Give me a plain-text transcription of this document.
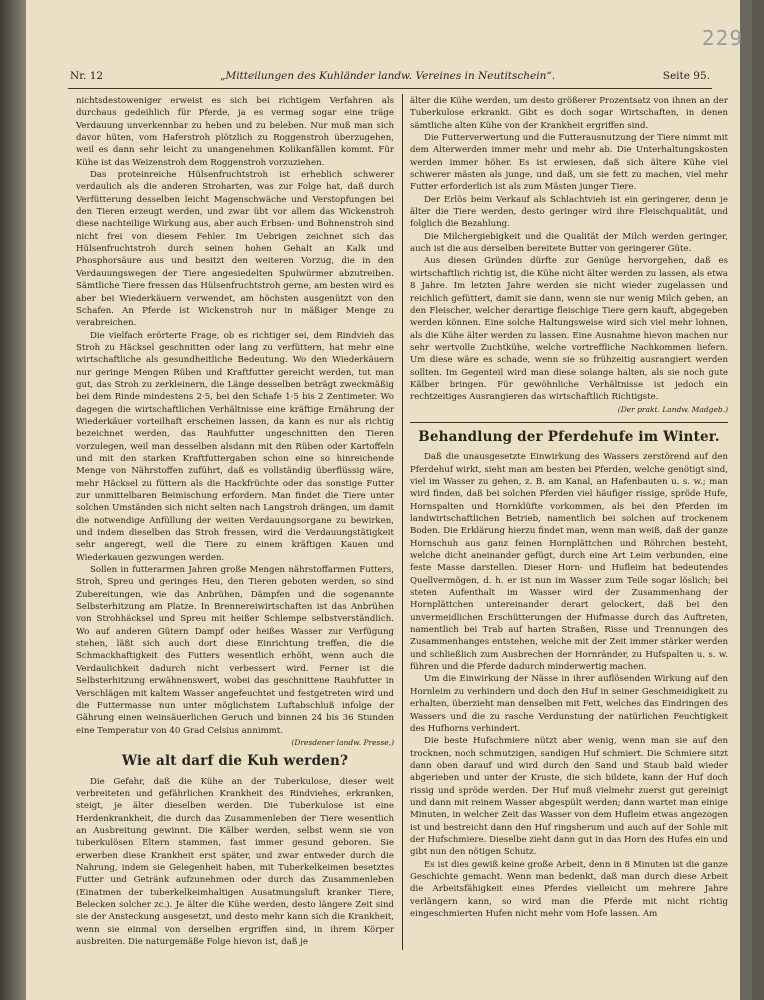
229
Nr. 12	„Mitteilungen des Kuhländer landw. Vereines in Neutitschein“.	Seite 95.

nichtsdestoweniger erweist es sich bei richtigem Verfahren als durchaus gedeihlich für Pferde, ja es vermag sogar eine träge Verdauung unverkennbar zu heben und zu beleben. Nur muß man sich davor hüten, vom Haferstroh plötzlich zu Roggenstroh überzugehen, weil es dann sehr leicht zu unangenehmen Kolikanfällen kommt. Für Kühe ist das Weizenstroh dem Roggenstroh vorzuziehen.

Das proteinreiche Hülsenfruchtstroh ist erheblich schwerer verdaulich als die anderen Stroharten, was zur Folge hat, daß durch Verfütterung desselben leicht Magenschwäche und Verstopfungen bei den Tieren erzeugt werden, und zwar übt vor allem das Wickenstroh diese nachteilige Wirkung aus, aber auch Erbsen- und Bohnenstroh sind nicht frei von diesem Fehler. Im Uebrigen zeichnet sich das Hülsenfruchtstroh durch seinen hohen Gehalt an Kalk und Phosphorsäure aus und besitzt den weiteren Vorzug, die in den Verdauungswegen der Tiere angesiedelten Spulwürmer abzutreiben. Sämtliche Tiere fressen das Hülsenfruchtstroh gerne, am besten wird es aber bei Wiederkäuern verwendet, am höchsten ausgenützt von den Schafen. An Pferde ist Wickenstroh nur in mäßiger Menge zu verabreichen.

Die vielfach erörterte Frage, ob es richtiger sei, dem Rindvieh das Stroh zu Häcksel geschnitten oder lang zu verfüttern, hat mehr eine wirtschaftliche als gesundheitliche Bedeutung. Wo den Wiederkäuern nur geringe Mengen Rüben und Kraftfutter gereicht werden, tut man gut, das Stroh zu zerkleinern, die Länge desselben beträgt zweckmäßig bei dem Rinde mindestens 2·5, bei den Schafe 1·5 bis 2 Zentimeter. Wo dagegen die wirtschaftlichen Verhältnisse eine kräftige Ernährung der Wiederkäuer vorteilhaft erscheinen lassen, da kann es nur als richtig bezeichnet werden, das Rauhfutter ungeschnitten den Tieren vorzulegen, weil man desselben alsdann mit den Rüben oder Kartoffeln und mit den starken Kraftfuttergaben schon eine so hinreichende Menge von Nährstoffen zuführt, daß es vollständig überflüssig wäre, mehr Häcksel zu füttern als die Hackfrüchte oder das sonstige Futter zur unmittelbaren Beimischung erfordern. Man findet die Tiere unter solchen Umständen sich nicht selten nach Langstroh drängen, um damit die notwendige Anfüllung der weiten Verdauungsorgane zu bewirken, und indem dieselben das Stroh fressen, wird die Verdauungstätigkeit sehr angeregt, weil die Tiere zu einem kräftigen Kauen und Wiederkauen gezwungen werden.

Sollen in futterarmen Jahren große Mengen nährstoffarmen Futters, Stroh, Spreu und geringes Heu, den Tieren geboten werden, so sind Zubereitungen, wie das Anbrühen, Dämpfen und die sogenannte Selbsterhitzung am Platze. In Brennereiwirtschaften ist das Anbrühen von Strohhäcksel und Spreu mit heißer Schlempe selbstverständlich. Wo auf anderen Gütern Dampf oder heißes Wasser zur Verfügung stehen, läßt sich auch dort diese Einrichtung treffen, die die Schmackhaftigkeit des Futters wesentlich erhöht, wenn auch die Verdaulichkeit dadurch nicht verbessert wird. Ferner ist die Selbsterhitzung erwähnenswert, wobei das geschnittene Rauhfutter in Verschlägen mit kaltem Wasser angefeuchtet und festgetreten wird und die Futtermasse nun unter möglichstem Luftabschluß infolge der Gährung einen weinsäuerlichen Geruch und binnen 24 bis 36 Stunden eine Temperatur von 40 Grad Celsius annimmt.

(Dresdener landw. Presse.)

Wie alt darf die Kuh werden?

Die Gefahr, daß die Kühe an der Tuberkulose, dieser weit verbreiteten und gefährlichen Krankheit des Rindviehes, erkranken, steigt, je älter dieselben werden. Die Tuberkulose ist eine Herdenkrankheit, die durch das Zusammenleben der Tiere wesentlich an Ausbreitung gewinnt. Die Kälber werden, selbst wenn sie von tuberkulösen Eltern stammen, fast immer gesund geboren. Sie erwerben diese Krankheit erst später, und zwar entweder durch die Nahrung, indem sie Gelegenheit haben, mit Tuberkelkeimen besetztes Futter und Getränk aufzunehmen oder durch das Zusammenleben (Einatmen der tuberkelkeimhaltigen Ausatmungsluft kranker Tiere, Belecken solcher zc.). Je älter die Kühe werden, desto längere Zeit sind sie der Ansteckung ausgesetzt, und desto mehr kann sich die Krankheit, wenn sie einmal von derselben ergriffen sind, in ihrem Körper ausbreiten. Die naturgemäße Folge hievon ist, daß je

älter die Kühe werden, um desto größerer Prozentsatz von ihnen an der Tuberkulose erkrankt. Gibt es doch sogar Wirtschaften, in denen sämtliche alten Kühe von der Krankheit ergriffen sind.

Die Futterverwertung und die Futterausnutzung der Tiere nimmt mit dem Alterwerden immer mehr und mehr ab. Die Unterhaltungskosten werden immer höher. Es ist erwiesen, daß sich ältere Kühe viel schwerer mästen als junge, und daß, um sie fett zu machen, viel mehr Futter erforderlich ist als zum Mästen junger Tiere.

Der Erlös beim Verkauf als Schlachtvieh ist ein geringerer, denn je älter die Tiere werden, desto geringer wird ihre Fleischqualität, und folglich die Bezahlung.

Die Milchergiebigkeit und die Qualität der Milch werden geringer, auch ist die aus derselben bereitete Butter von geringerer Güte.

Aus diesen Gründen dürfte zur Genüge hervorgehen, daß es wirtschaftlich richtig ist, die Kühe nicht älter werden zu lassen, als etwa 8 Jahre. Im letzten Jahre werden sie nicht wieder zugelassen und reichlich gefüttert, damit sie dann, wenn sie nur wenig Milch geben, an den Fleischer, welcher derartige fleischige Tiere gern kauft, abgegeben werden können. Eine solche Haltungsweise wird sich viel mehr lohnen, als die Kühe älter werden zu lassen. Eine Ausnahme hievon machen nur sehr wertvolle Zuchtkühe, welche vortreffliche Nachkommen liefern. Um diese wäre es schade, wenn sie so frühzeitig ausrangiert werden sollten. Im Gegenteil wird man diese solange halten, als sie noch gute Kälber bringen. Für gewöhnliche Verhältnisse ist jedoch ein rechtzeitiges Ausrangieren das wirtschaftlich Richtigste.

(Der prakt. Landw. Madgeb.)

Behandlung der Pferdehufe im Winter.

Daß die unausgesetzte Einwirkung des Wassers zerstörend auf den Pferdehuf wirkt, sieht man am besten bei Pferden, welche genötigt sind, viel im Wasser zu gehen, z. B. am Kanal, an Hafenbauten u. s. w.; man wird finden, daß bei solchen Pferden viel häufiger rissige, spröde Hufe, Hornspalten und Hornklüfte vorkommen, als bei den Pferden im landwirtschaftlichen Betrieb, namentlich bei solchen auf trockenem Boden. Die Erklärung hierzu findet man, wenn man weiß, daß der ganze Hornschuh aus ganz feinen Hornplättchen und Röhrchen besteht, welche dicht aneinander gefügt, durch eine Art Leim verbunden, eine feste Masse darstellen. Dieser Horn- und Hufleim hat bedeutendes Quellvermögen, d. h. er ist nun im Wasser zum Teile sogar löslich; bei steten Aufenthalt im Wasser wird der Zusammenhang der Hornplättchen untereinander derart gelockert, daß bei den unvermeidlichen Erschütterungen der Hufmasse durch das Auftreten, namentlich bei Trab auf harten Straßen, Risse und Trennungen des Zusammenhanges entstehen, welche mit der Zeit immer stärker werden und schließlich zum Ausbrechen der Hornränder, zu Hufspalten u. s. w. führen und die Pferde dadurch minderwertig machen.

Um die Einwirkung der Nässe in ihrer auflösenden Wirkung auf den Hornleim zu verhindern und doch den Huf in seiner Geschmeidigkeit zu erhalten, überzieht man denselben mit Fett, welches das Eindringen des Wassers und die zu rasche Verdunstung der natürlichen Feuchtigkeit des Hufhorns verhindert.

Die beste Hufschmiere nützt aber wenig, wenn man sie auf den trocknen, noch schmutzigen, sandigen Huf schmiert. Die Schmiere sitzt dann oben darauf und wird durch den Sand und Staub bald wieder abgerieben und unter der Kruste, die sich bildete, kann der Huf doch rissig und spröde werden. Der Huf muß vielmehr zuerst gut gereinigt und dann mit reinem Wasser abgespült werden; dann wartet man einige Minuten, in welcher Zeit das Wasser von dem Hufleim etwas angezogen ist und bestreicht dann den Huf ringsherum und auch auf der Sohle mit der Hufschmiere. Dieselbe zieht dann gut in das Horn des Hufes ein und gibt nun den nötigen Schutz.

Es ist dies gewiß keine große Arbeit, denn in 8 Minuten ist die ganze Geschichte gemacht. Wenn man bedenkt, daß man durch diese Arbeit die Arbeitsfähigkeit eines Pferdes vielleicht um mehrere Jahre verlängern kann, so wird man die Pferde mit nicht richtig eingeschmierten Hufen nicht mehr vom Hofe lassen. Am
